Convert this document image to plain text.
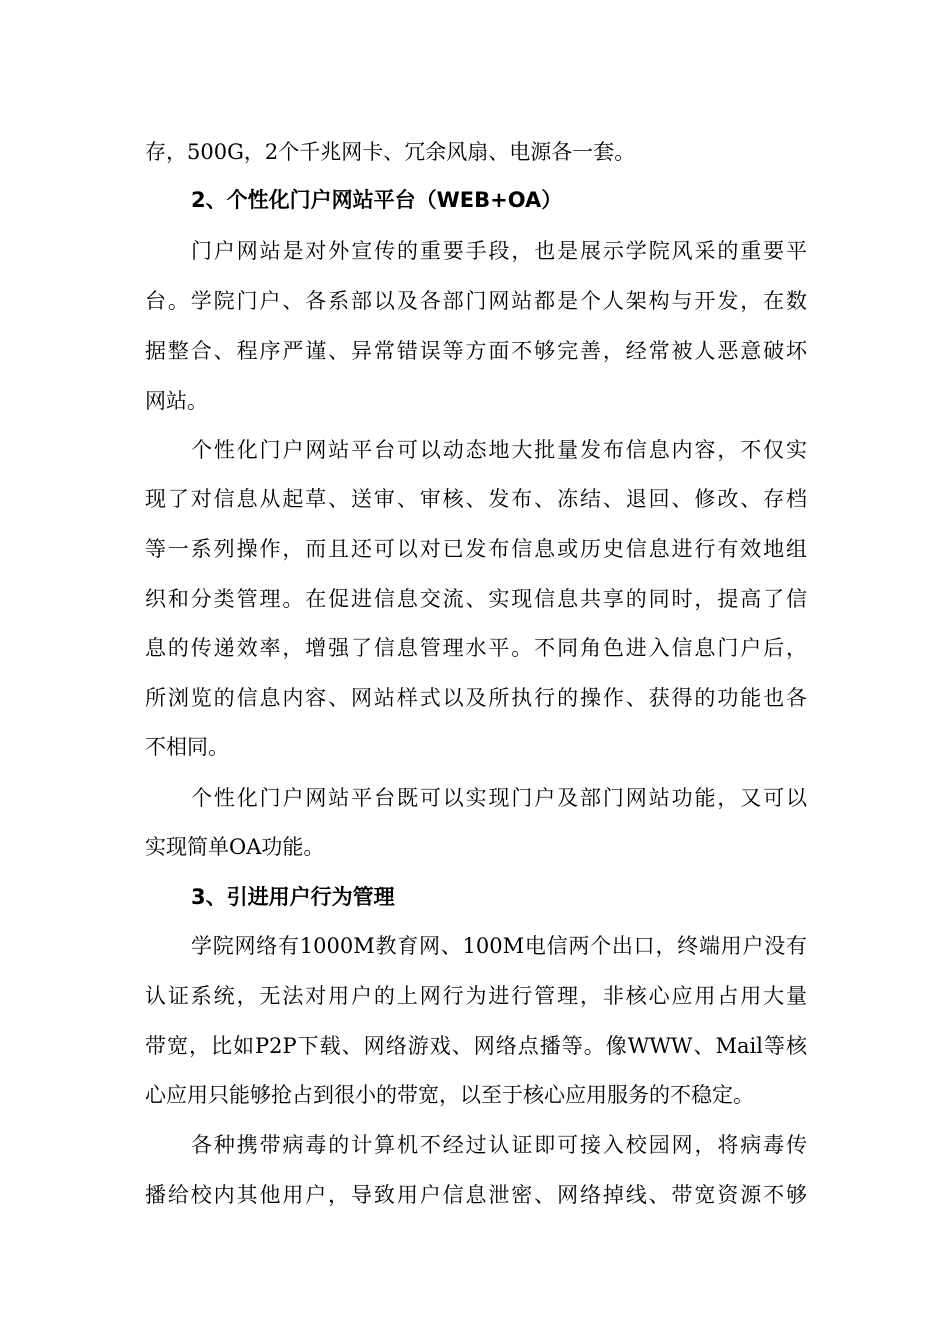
存，500G，2个千兆网卡、冗余风扇、电源各一套。
2、个性化门户网站平台（WEB+OA）
门户网站是对外宣传的重要手段，也是展示学院风采的重要平
台。学院门户、各系部以及各部门网站都是个人架构与开发，在数
据整合、程序严谨、异常错误等方面不够完善，经常被人恶意破坏
网站。
个性化门户网站平台可以动态地大批量发布信息内容，不仅实
现了对信息从起草、送审、审核、发布、冻结、退回、修改、存档
等一系列操作，而且还可以对已发布信息或历史信息进行有效地组
织和分类管理。在促进信息交流、实现信息共享的同时，提高了信
息的传递效率，增强了信息管理水平。不同角色进入信息门户后，
所浏览的信息内容、网站样式以及所执行的操作、获得的功能也各
不相同。
个性化门户网站平台既可以实现门户及部门网站功能，又可以
实现简单OA功能。
3、引进用户行为管理
学院网络有1000M教育网、100M电信两个出口，终端用户没有
认证系统，无法对用户的上网行为进行管理，非核心应用占用大量
带宽，比如P2P下载、网络游戏、网络点播等。像WWW、Mail等核
心应用只能够抢占到很小的带宽，以至于核心应用服务的不稳定。
各种携带病毒的计算机不经过认证即可接入校园网，将病毒传
播给校内其他用户，导致用户信息泄密、网络掉线、带宽资源不够
